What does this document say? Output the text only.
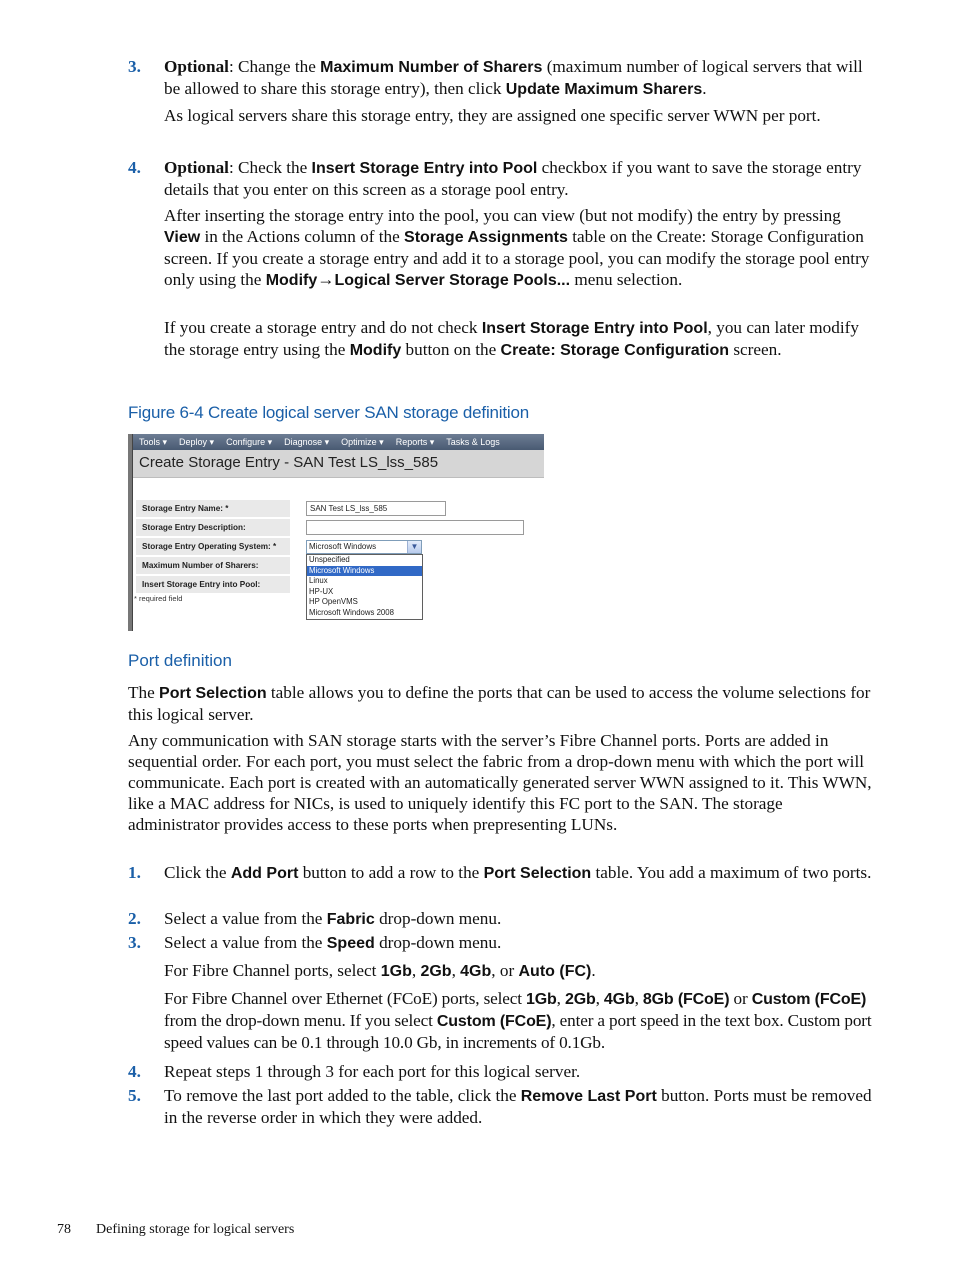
3. Optional: Change the Maximum Number of Sharers (maximum number of logical servers that will be allowed to share this storage entry), then click Update Maximum Sharers.

As logical servers share this storage entry, they are assigned one specific server WWN per port.

4. Optional: Check the Insert Storage Entry into Pool checkbox if you want to save the storage entry details that you enter on this screen as a storage pool entry.

After inserting the storage entry into the pool, you can view (but not modify) the entry by pressing View in the Actions column of the Storage Assignments table on the Create: Storage Configuration screen. If you create a storage entry and add it to a storage pool, you can modify the storage pool entry only using the Modify→Logical Server Storage Pools... menu selection.

If you create a storage entry and do not check Insert Storage Entry into Pool, you can later modify the storage entry using the Modify button on the Create: Storage Configuration screen.

Figure 6-4 Create logical server SAN storage definition
Tools ▾ Deploy ▾ Configure ▾ Diagnose ▾ Optimize ▾ Reports ▾ Tasks & Logs
Create Storage Entry - SAN Test LS_lss_585
Storage Entry Name: *	SAN Test LS_lss_585
Storage Entry Description:
Storage Entry Operating System: *	Microsoft Windows	▼
Unspecified
Microsoft Windows
Linux
HP-UX
HP OpenVMS
Microsoft Windows 2008
Maximum Number of Sharers:
Insert Storage Entry into Pool:
* required field
Port definition

The Port Selection table allows you to define the ports that can be used to access the volume selections for this logical server.

Any communication with SAN storage starts with the server’s Fibre Channel ports. Ports are added in sequential order. For each port, you must select the fabric from a drop-down menu with which the port will communicate. Each port is created with an automatically generated server WWN assigned to it. This WWN, like a MAC address for NICs, is used to uniquely identify this FC port to the SAN. The storage administrator provides access to these ports when prepresenting LUNs.

1. Click the Add Port button to add a row to the Port Selection table. You add a maximum of two ports.

2. Select a value from the Fabric drop-down menu.

3. Select a value from the Speed drop-down menu.

For Fibre Channel ports, select 1Gb, 2Gb, 4Gb, or Auto (FC).

For Fibre Channel over Ethernet (FCoE) ports, select 1Gb, 2Gb, 4Gb, 8Gb (FCoE) or Custom (FCoE) from the drop-down menu. If you select Custom (FCoE), enter a port speed in the text box. Custom port speed values can be 0.1 through 10.0 Gb, in increments of 0.1Gb.

4. Repeat steps 1 through 3 for each port for this logical server.

5. To remove the last port added to the table, click the Remove Last Port button. Ports must be removed in the reverse order in which they were added.

78 Defining storage for logical servers
